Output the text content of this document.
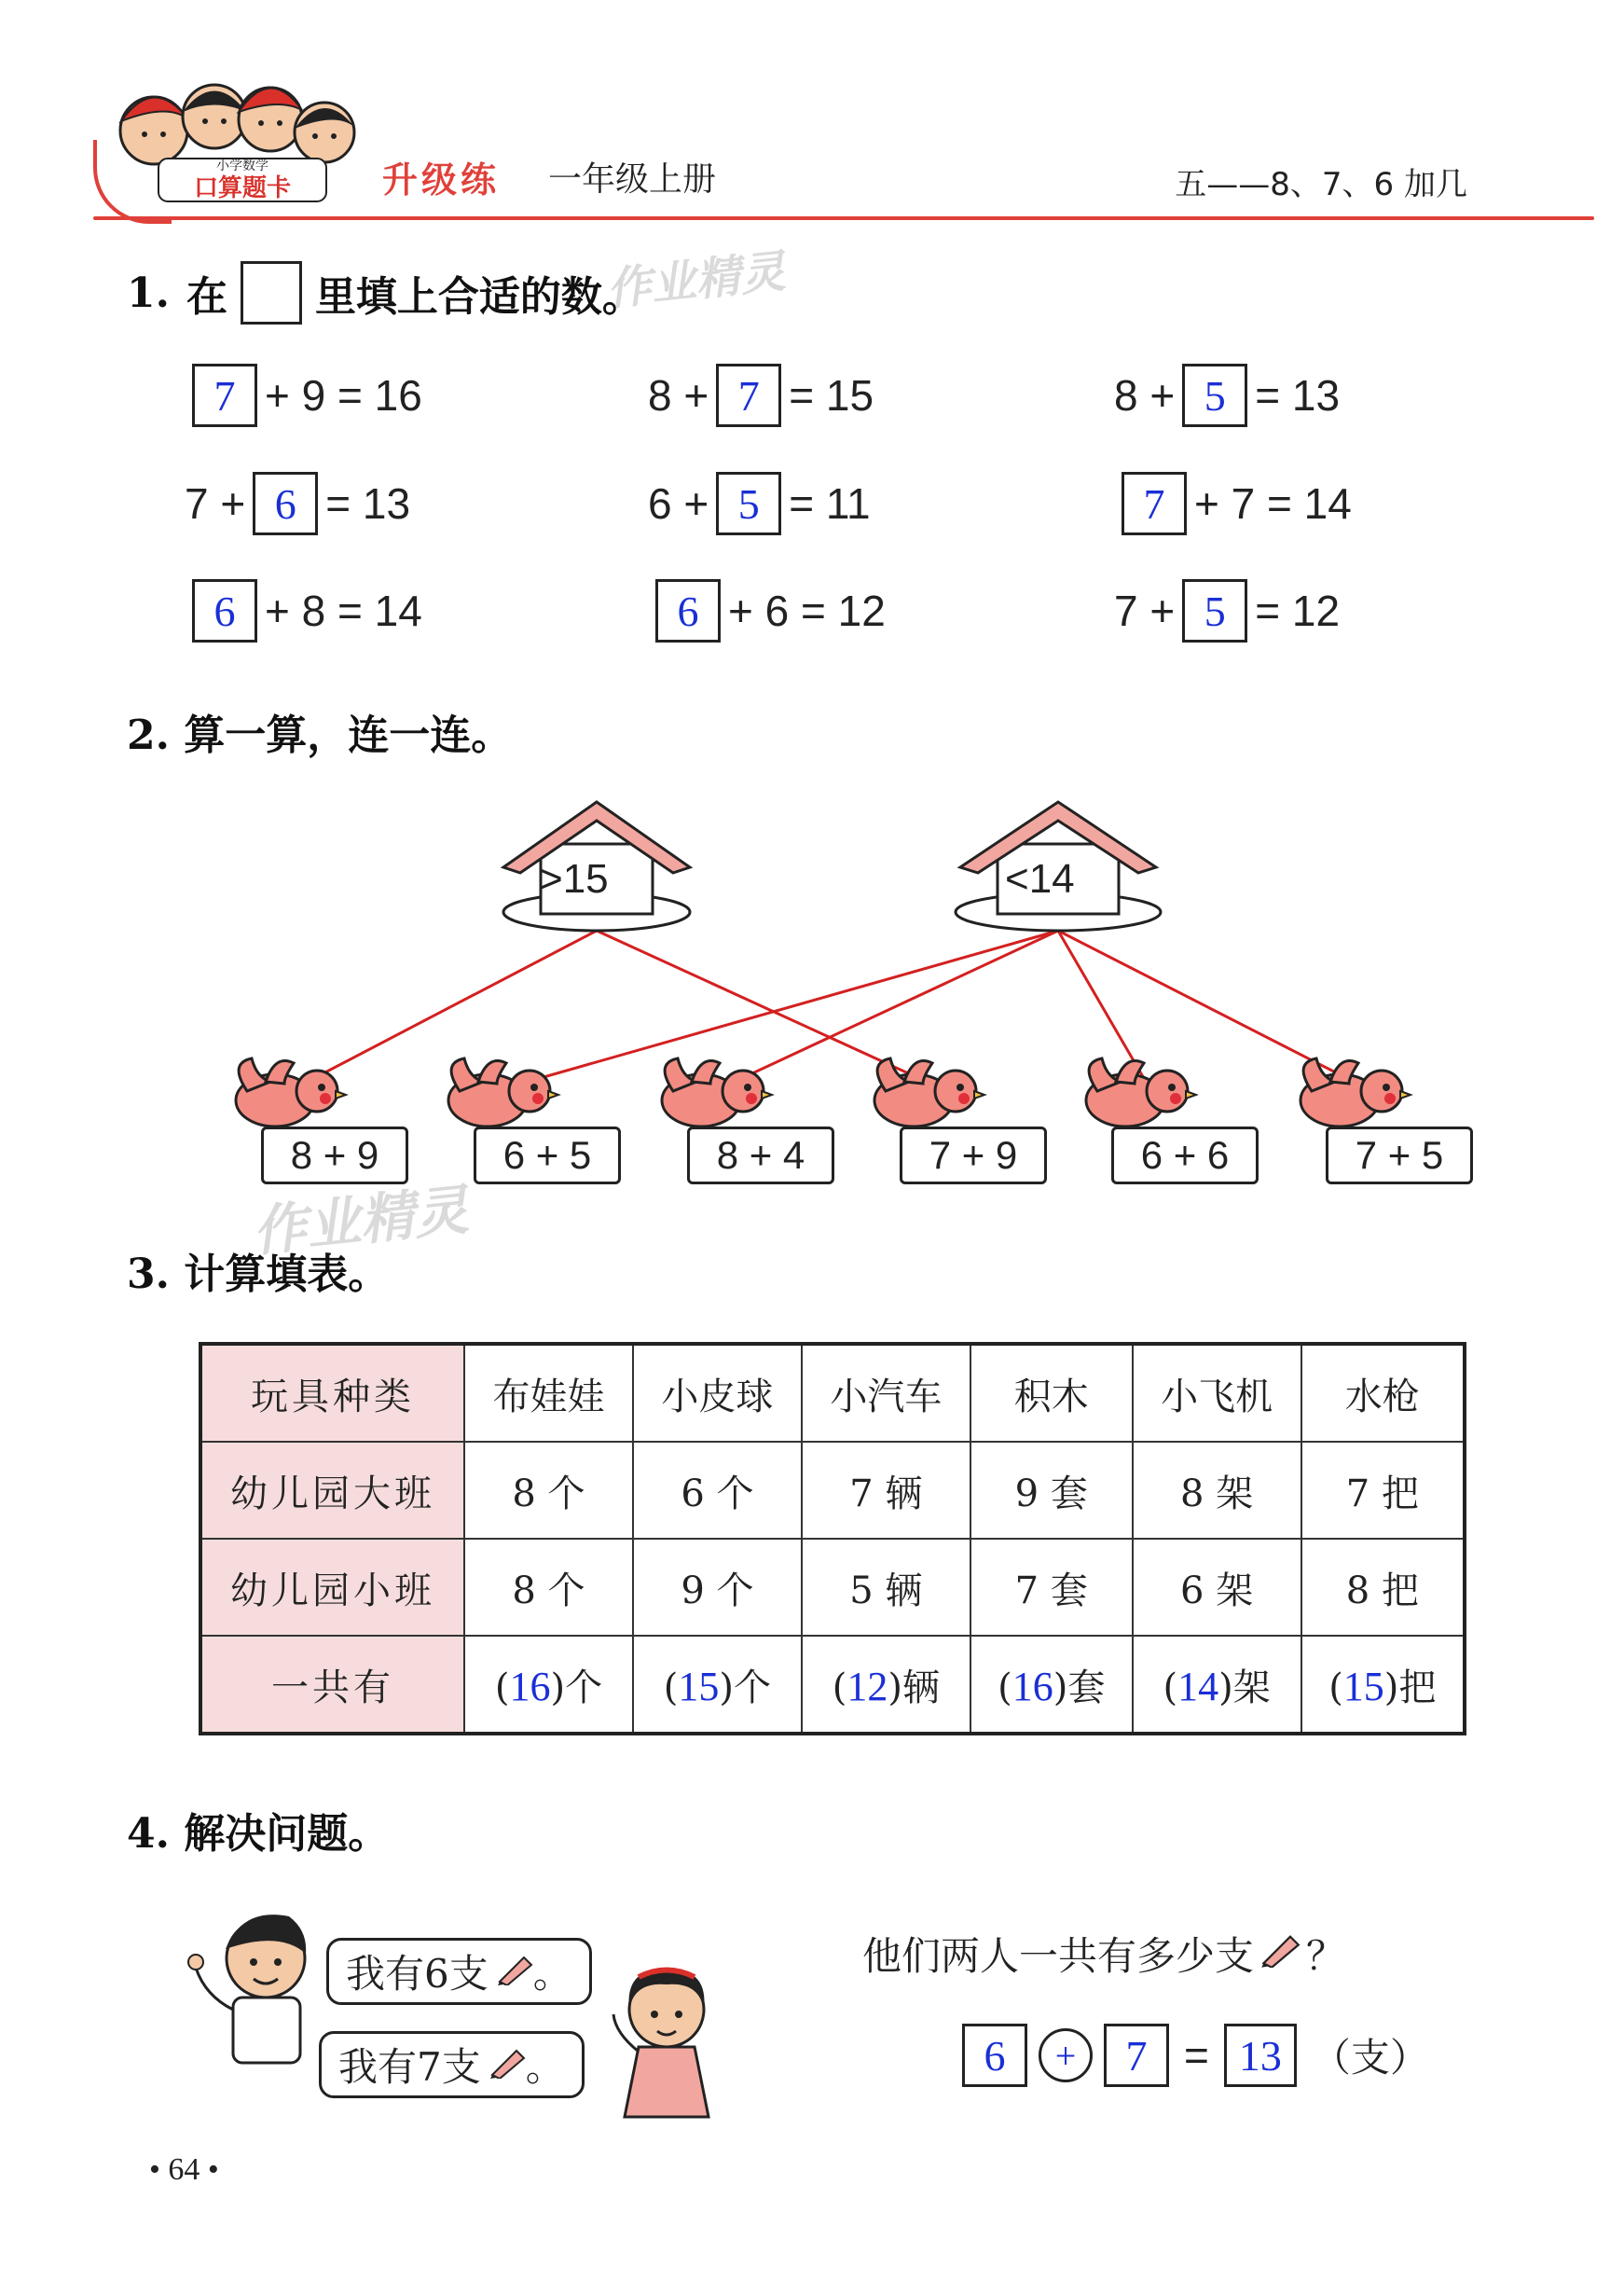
小学数学
口算题卡	升级练 一年级上册	五——8、7、6 加几
1. 在 里填上合适的数。
7 + 9 = 16	8 + 7 = 15	8 + 5 = 13
7 + 6 = 13	6 + 5 = 11	7 + 7 = 14
6 + 8 = 14	6 + 6 = 12	7 + 5 = 12
2. 算一算，连一连。
>15	<14
8 + 9	6 + 5	8 + 4	7 + 9	6 + 6	7 + 5
作业精灵
作业精灵
3. 计算填表。
玩具种类	布娃娃	小皮球	小汽车	积木	小飞机	水枪
幼儿园大班	8 个	6 个	7 辆	9 套	8 架	7 把
幼儿园小班	8 个	9 个	5 辆	7 套	6 架	8 把
一共有	(16)个	(15)个	(12)辆	(16)套	(14)架	(15)把
4. 解决问题。
我有6支 。
我有7支 。
他们两人一共有多少支 ？
6	+	7 = 13 （支）
• 64 •
